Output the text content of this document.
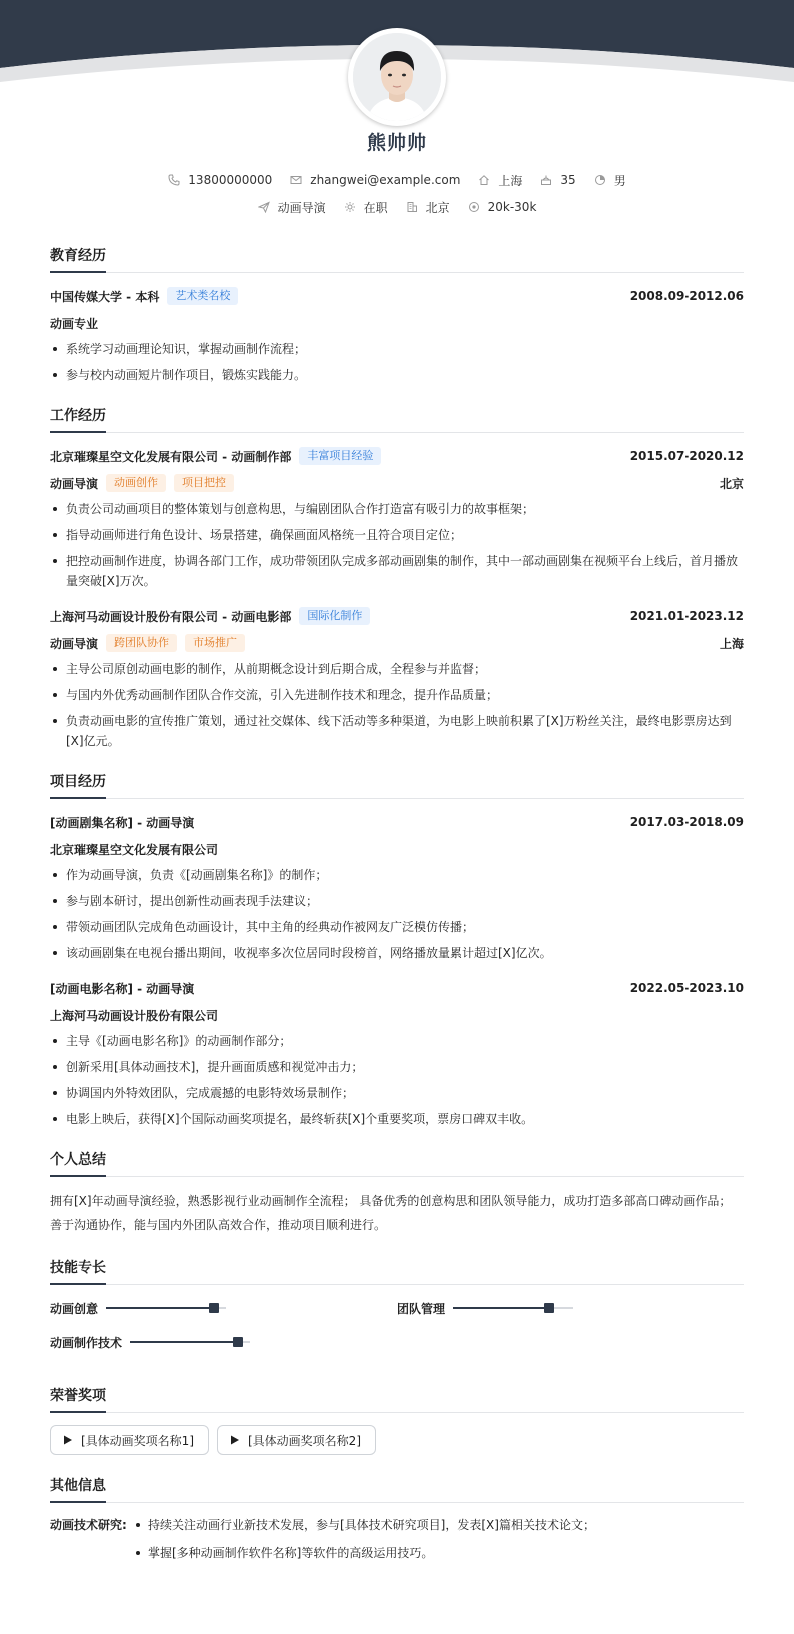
熊帅帅
13800000000	zhangwei@example.com	上海	35	男
动画导演	在职	北京	20k-30k
教育经历
中国传媒大学 - 本科	艺术类名校	2008.09-2012.06
动画专业
系统学习动画理论知识，掌握动画制作流程；
参与校内动画短片制作项目，锻炼实践能力。
工作经历
北京璀璨星空文化发展有限公司 - 动画制作部	丰富项目经验	2015.07-2020.12
动画导演	动画创作	项目把控	北京
负责公司动画项目的整体策划与创意构思，与编剧团队合作打造富有吸引力的故事框架；
指导动画师进行角色设计、场景搭建，确保画面风格统一且符合项目定位；
把控动画制作进度，协调各部门工作，成功带领团队完成多部动画剧集的制作，其中一部动画剧集在视频平台上线后，首月播放量突破[X]万次。
上海河马动画设计股份有限公司 - 动画电影部	国际化制作	2021.01-2023.12
动画导演	跨团队协作	市场推广	上海
主导公司原创动画电影的制作，从前期概念设计到后期合成，全程参与并监督；
与国内外优秀动画制作团队合作交流，引入先进制作技术和理念，提升作品质量；
负责动画电影的宣传推广策划，通过社交媒体、线下活动等多种渠道，为电影上映前积累了[X]万粉丝关注，最终电影票房达到[X]亿元。
项目经历
[动画剧集名称] - 动画导演	2017.03-2018.09
北京璀璨星空文化发展有限公司
作为动画导演，负责《[动画剧集名称]》的制作；
参与剧本研讨，提出创新性动画表现手法建议；
带领动画团队完成角色动画设计，其中主角的经典动作被网友广泛模仿传播；
该动画剧集在电视台播出期间，收视率多次位居同时段榜首，网络播放量累计超过[X]亿次。
[动画电影名称] - 动画导演	2022.05-2023.10
上海河马动画设计股份有限公司
主导《[动画电影名称]》的动画制作部分；
创新采用[具体动画技术]，提升画面质感和视觉冲击力；
协调国内外特效团队，完成震撼的电影特效场景制作；
电影上映后，获得[X]个国际动画奖项提名，最终斩获[X]个重要奖项，票房口碑双丰收。
个人总结

拥有[X]年动画导演经验，熟悉影视行业动画制作全流程； 具备优秀的创意构思和团队领导能力，成功打造多部高口碑动画作品；

善于沟通协作，能与国内外团队高效合作，推动项目顺利进行。

技能专长
动画创意	团队管理
动画制作技术
荣誉奖项
[具体动画奖项名称1]	[具体动画奖项名称2]
其他信息
动画技术研究:	持续关注动画行业新技术发展，参与[具体技术研究项目]，发表[X]篇相关技术论文；
掌握[多种动画制作软件名称]等软件的高级运用技巧。
